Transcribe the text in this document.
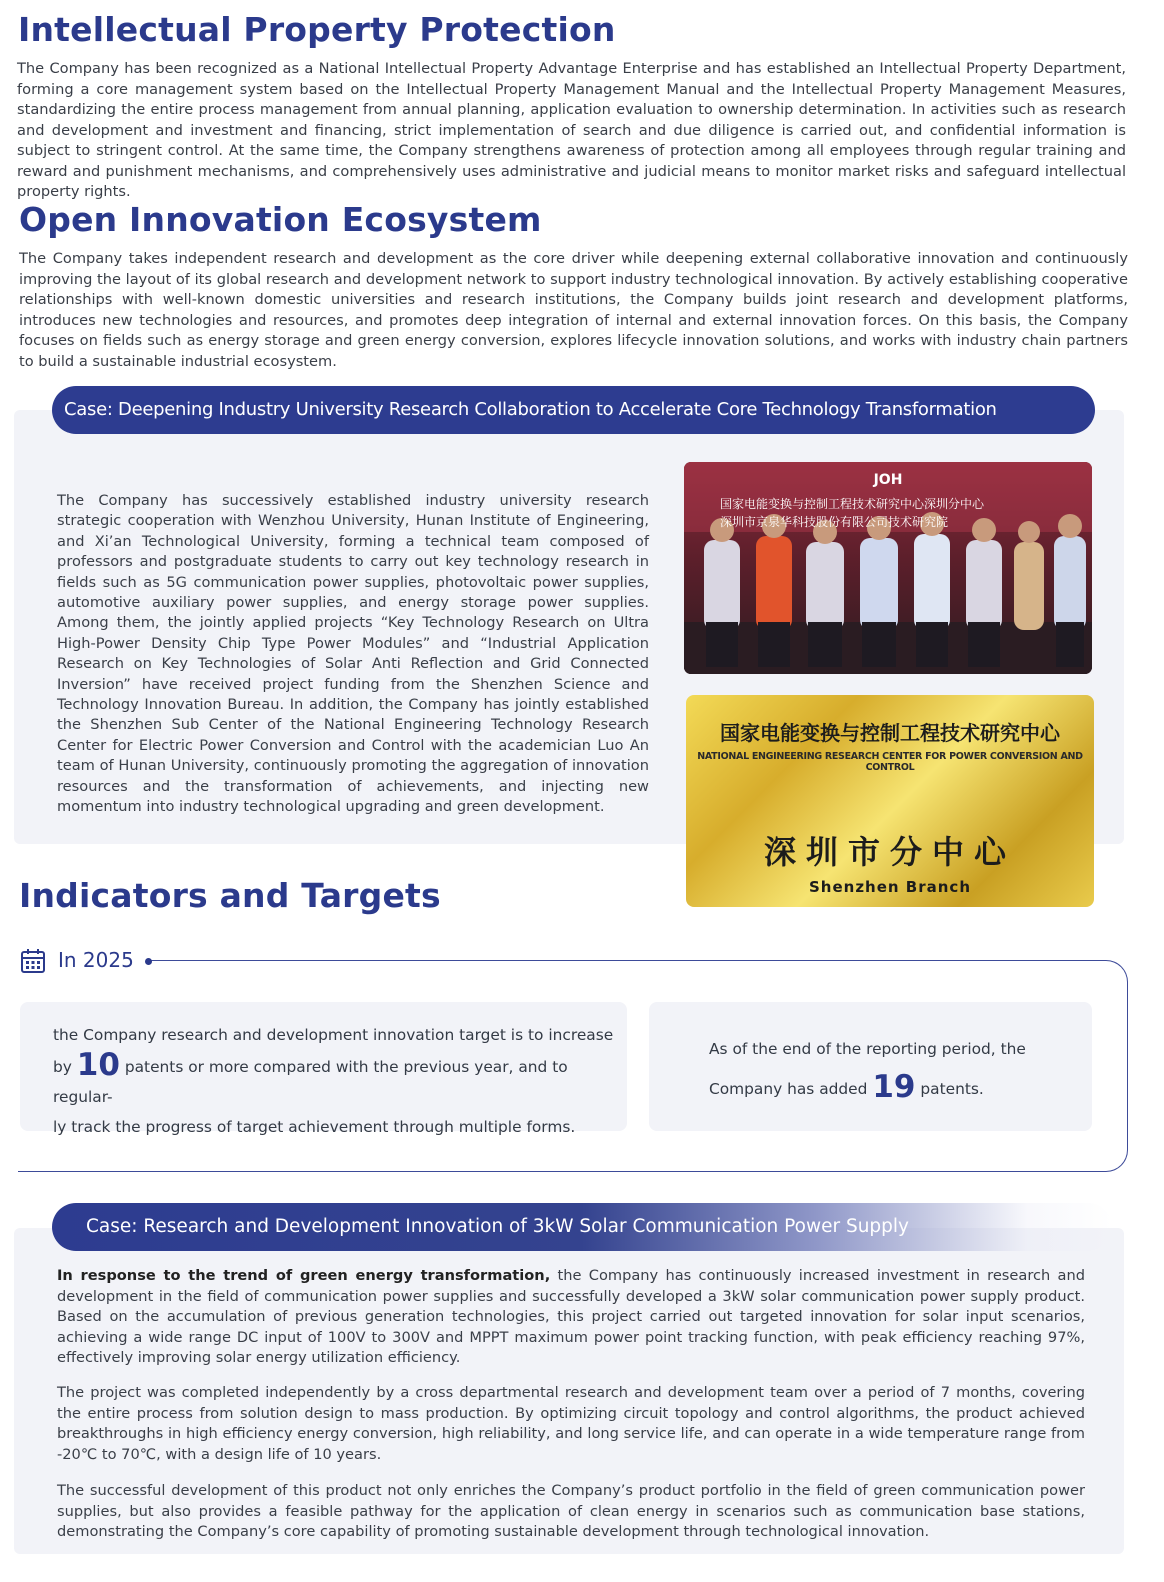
Intellectual Property Protection
The Company has been recognized as a National Intellectual Property Advantage Enterprise and has established an Intellectual Property Department, forming a core management system based on the Intellectual Property Management Manual and the Intellectual Property Management Measures, standardizing the entire process management from annual planning, application evaluation to ownership determination. In activities such as research and development and investment and financing, strict implementation of search and due diligence is carried out, and confidential information is subject to stringent control. At the same time, the Company strengthens awareness of protection among all employees through regular training and reward and punishment mechanisms, and comprehensively uses administrative and judicial means to monitor market risks and safeguard intellectual property rights.
Open Innovation Ecosystem
The Company takes independent research and development as the core driver while deepening external collaborative innovation and continuously improving the layout of its global research and development network to support industry technological innovation. By actively establishing cooperative relationships with well-known domestic universities and research institutions, the Company builds joint research and development platforms, introduces new technologies and resources, and promotes deep integration of internal and external innovation forces. On this basis, the Company focuses on fields such as energy storage and green energy conversion, explores lifecycle innovation solutions, and works with industry chain partners to build a sustainable industrial ecosystem.
Case: Deepening Industry University Research Collaboration to Accelerate Core Technology Transformation
The Company has successively established industry university research strategic cooperation with Wenzhou University, Hunan Institute of Engineering, and Xi’an Technological University, forming a technical team composed of professors and postgraduate students to carry out key technology research in fields such as 5G communication power supplies, photovoltaic power supplies, automotive auxiliary power supplies, and energy storage power supplies. Among them, the jointly applied projects “Key Technology Research on Ultra High-Power Density Chip Type Power Modules” and “Industrial Application Research on Key Technologies of Solar Anti Reflection and Grid Connected Inversion” have received project funding from the Shenzhen Science and Technology Innovation Bureau. In addition, the Company has jointly established the Shenzhen Sub Center of the National Engineering Technology Research Center for Electric Power Conversion and Control with the academician Luo An team of Hunan University, continuously promoting the aggregation of innovation resources and the transformation of achievements, and injecting new momentum into industry technological upgrading and green development.
JOH
国家电能变换与控制工程技术研究中心深圳分中心
深圳市京泉华科技股份有限公司技术研究院
国家电能变换与控制工程技术研究中心
NATIONAL ENGINEERING RESEARCH CENTER FOR POWER CONVERSION AND CONTROL
深圳市分中心
Shenzhen Branch
Indicators and Targets
In 2025
the Company research and development innovation target is to increase
by 10 patents or more compared with the previous year, and to regular-
ly track the progress of target achievement through multiple forms.
As of the end of the reporting period, the
Company has added 19 patents.
Case: Research and Development Innovation of 3kW Solar Communication Power Supply
In response to the trend of green energy transformation, the Company has continuously increased investment in research and development in the field of communication power supplies and successfully developed a 3kW solar communication power supply product. Based on the accumulation of previous generation technologies, this project carried out targeted innovation for solar input scenarios, achieving a wide range DC input of 100V to 300V and MPPT maximum power point tracking function, with peak efficiency reaching 97%, effectively improving solar energy utilization efficiency.
The project was completed independently by a cross departmental research and development team over a period of 7 months, covering the entire process from solution design to mass production. By optimizing circuit topology and control algorithms, the product achieved breakthroughs in high efficiency energy conversion, high reliability, and long service life, and can operate in a wide temperature range from -20℃ to 70℃, with a design life of 10 years.
The successful development of this product not only enriches the Company’s product portfolio in the field of green communication power supplies, but also provides a feasible pathway for the application of clean energy in scenarios such as communication base stations, demonstrating the Company’s core capability of promoting sustainable development through technological innovation.
